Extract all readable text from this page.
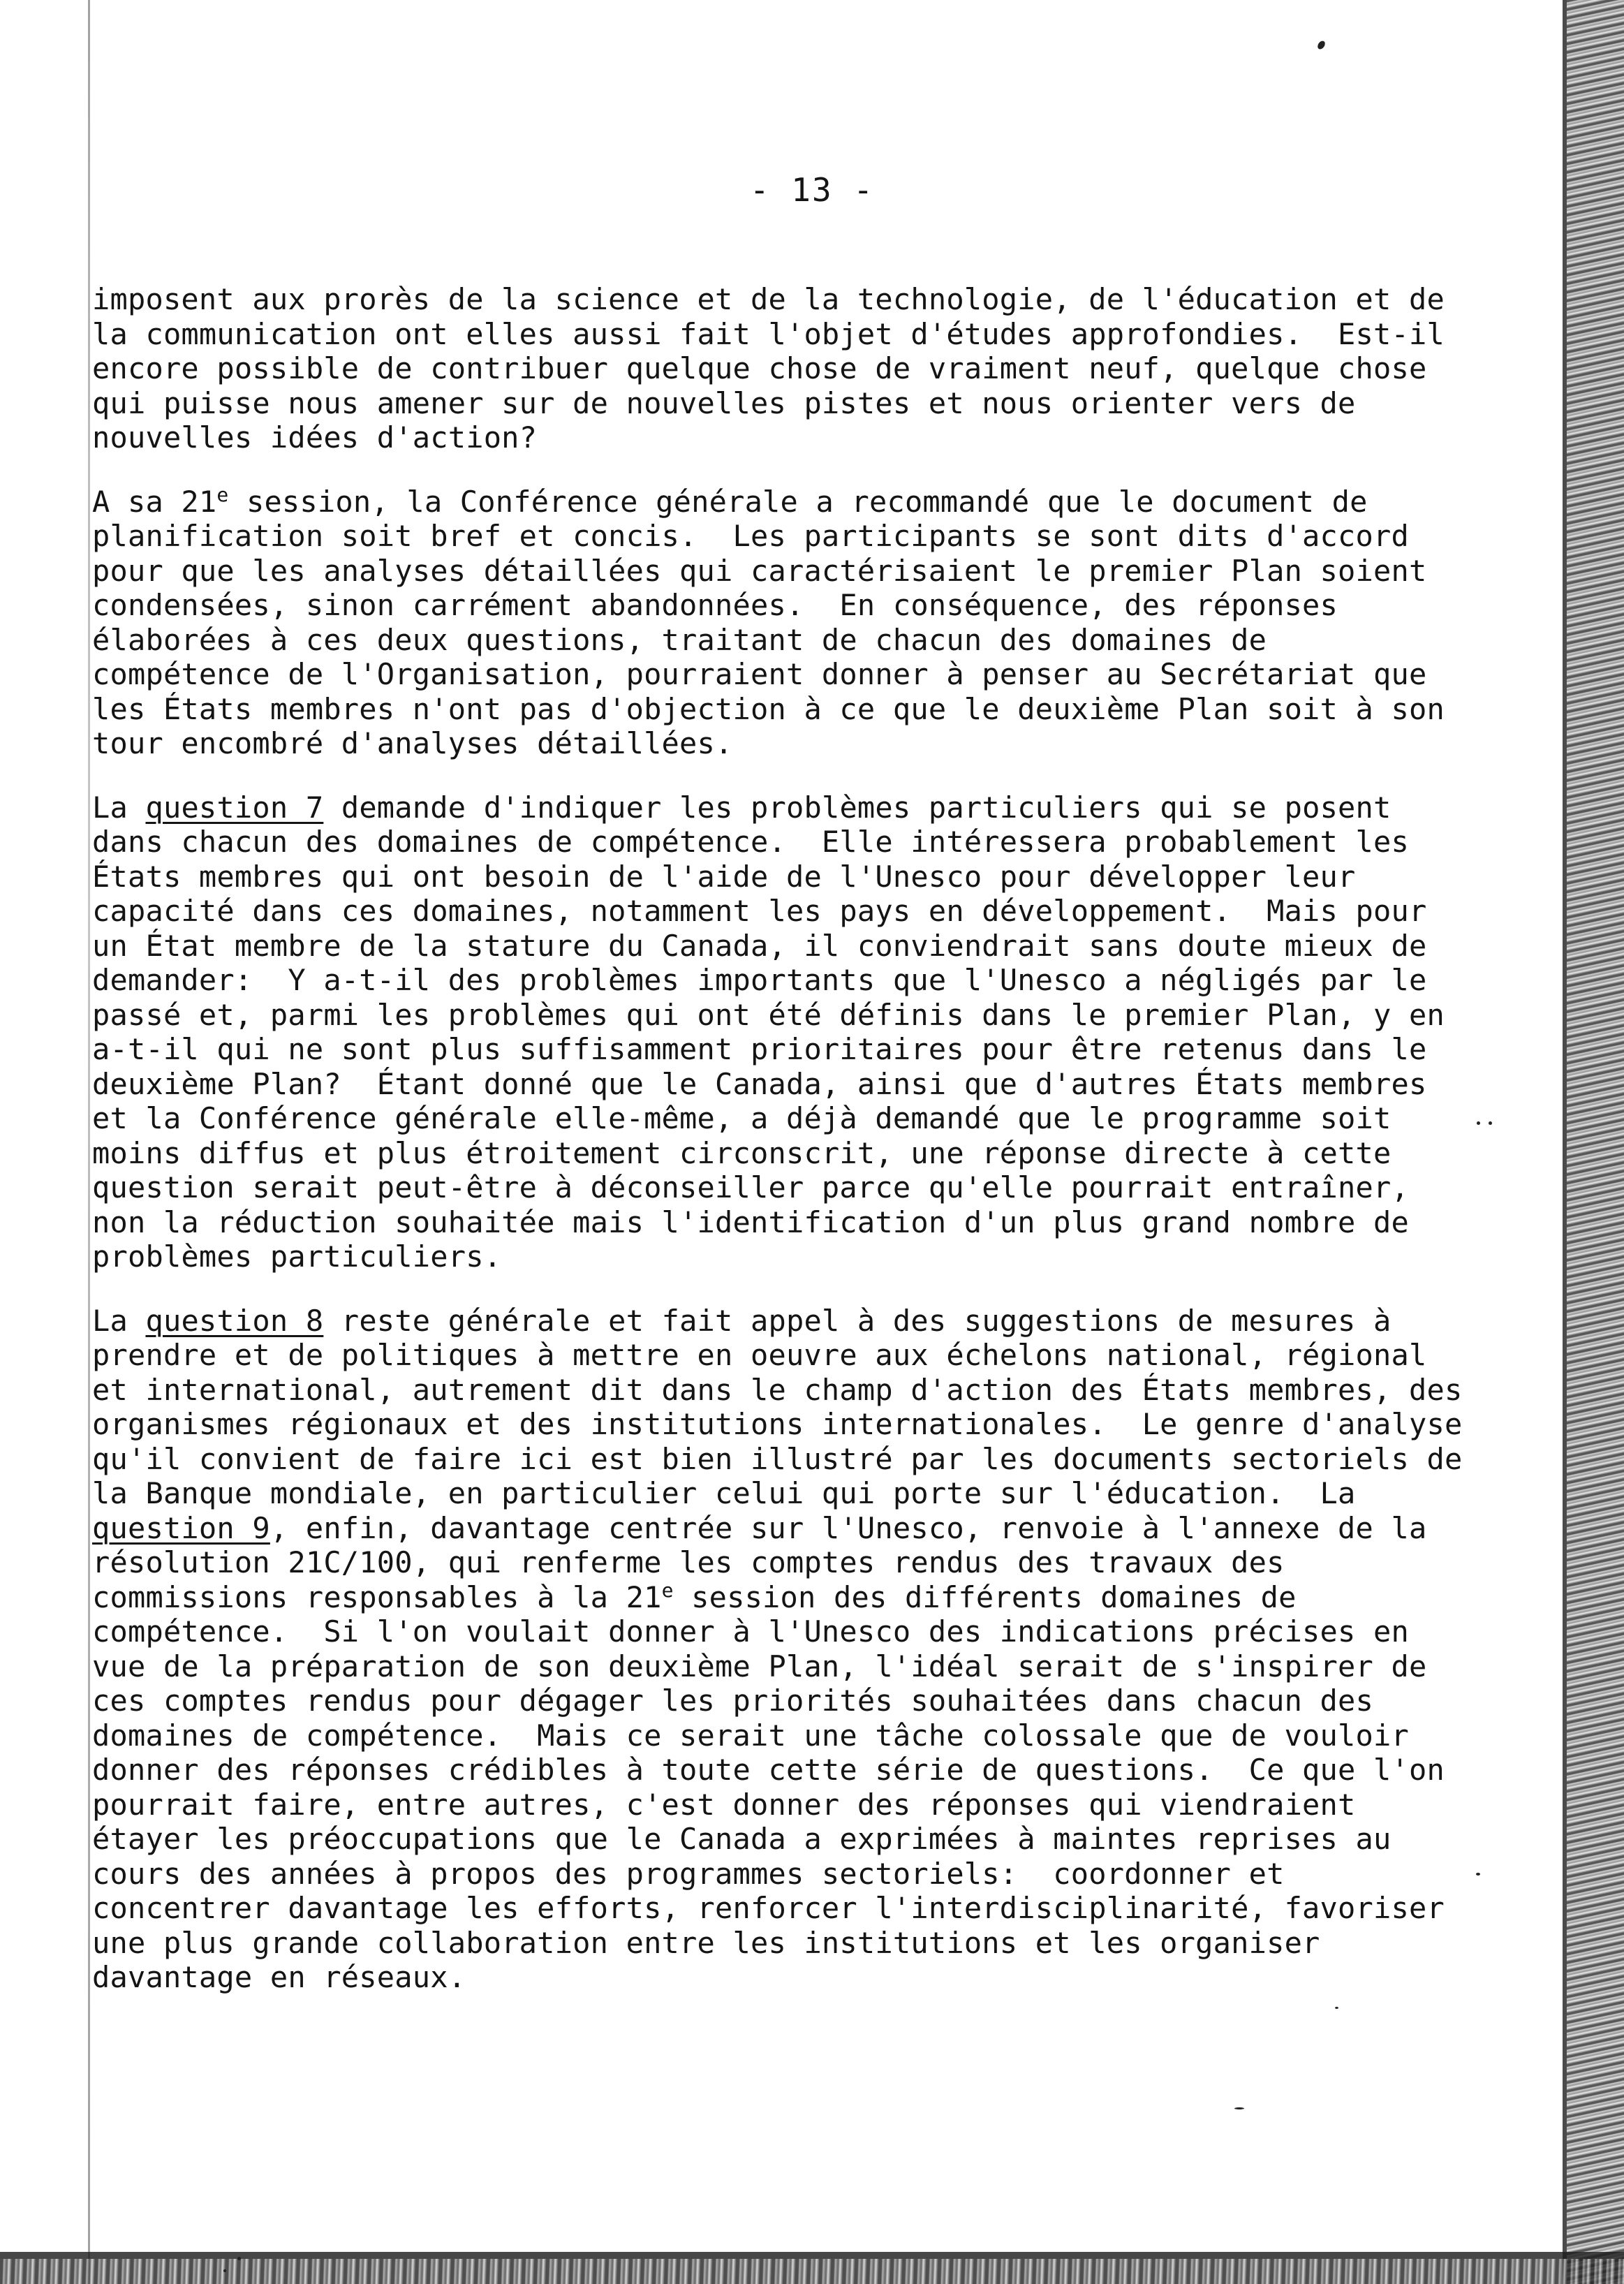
- 13 -
imposent aux prorès de la science et de la technologie, de l'éducation et de
la communication ont elles aussi fait l'objet d'études approfondies.  Est-il
encore possible de contribuer quelque chose de vraiment neuf, quelque chose
qui puisse nous amener sur de nouvelles pistes et nous orienter vers de
nouvelles idées d'action?
A sa 21e session, la Conférence générale a recommandé que le document de
planification soit bref et concis.  Les participants se sont dits d'accord
pour que les analyses détaillées qui caractérisaient le premier Plan soient
condensées, sinon carrément abandonnées.  En conséquence, des réponses
élaborées à ces deux questions, traitant de chacun des domaines de
compétence de l'Organisation, pourraient donner à penser au Secrétariat que
les États membres n'ont pas d'objection à ce que le deuxième Plan soit à son
tour encombré d'analyses détaillées.
La question 7 demande d'indiquer les problèmes particuliers qui se posent
dans chacun des domaines de compétence.  Elle intéressera probablement les
États membres qui ont besoin de l'aide de l'Unesco pour développer leur
capacité dans ces domaines, notamment les pays en développement.  Mais pour
un État membre de la stature du Canada, il conviendrait sans doute mieux de
demander:  Y a-t-il des problèmes importants que l'Unesco a négligés par le
passé et, parmi les problèmes qui ont été définis dans le premier Plan, y en
a-t-il qui ne sont plus suffisamment prioritaires pour être retenus dans le
deuxième Plan?  Étant donné que le Canada, ainsi que d'autres États membres
et la Conférence générale elle-même, a déjà demandé que le programme soit
moins diffus et plus étroitement circonscrit, une réponse directe à cette
question serait peut-être à déconseiller parce qu'elle pourrait entraîner,
non la réduction souhaitée mais l'identification d'un plus grand nombre de
problèmes particuliers.
La question 8 reste générale et fait appel à des suggestions de mesures à
prendre et de politiques à mettre en oeuvre aux échelons national, régional
et international, autrement dit dans le champ d'action des États membres, des
organismes régionaux et des institutions internationales.  Le genre d'analyse
qu'il convient de faire ici est bien illustré par les documents sectoriels de
la Banque mondiale, en particulier celui qui porte sur l'éducation.  La
question 9, enfin, davantage centrée sur l'Unesco, renvoie à l'annexe de la
résolution 21C/100, qui renferme les comptes rendus des travaux des
commissions responsables à la 21e session des différents domaines de
compétence.  Si l'on voulait donner à l'Unesco des indications précises en
vue de la préparation de son deuxième Plan, l'idéal serait de s'inspirer de
ces comptes rendus pour dégager les priorités souhaitées dans chacun des
domaines de compétence.  Mais ce serait une tâche colossale que de vouloir
donner des réponses crédibles à toute cette série de questions.  Ce que l'on
pourrait faire, entre autres, c'est donner des réponses qui viendraient
étayer les préoccupations que le Canada a exprimées à maintes reprises au
cours des années à propos des programmes sectoriels:  coordonner et
concentrer davantage les efforts, renforcer l'interdisciplinarité, favoriser
une plus grande collaboration entre les institutions et les organiser
davantage en réseaux.
